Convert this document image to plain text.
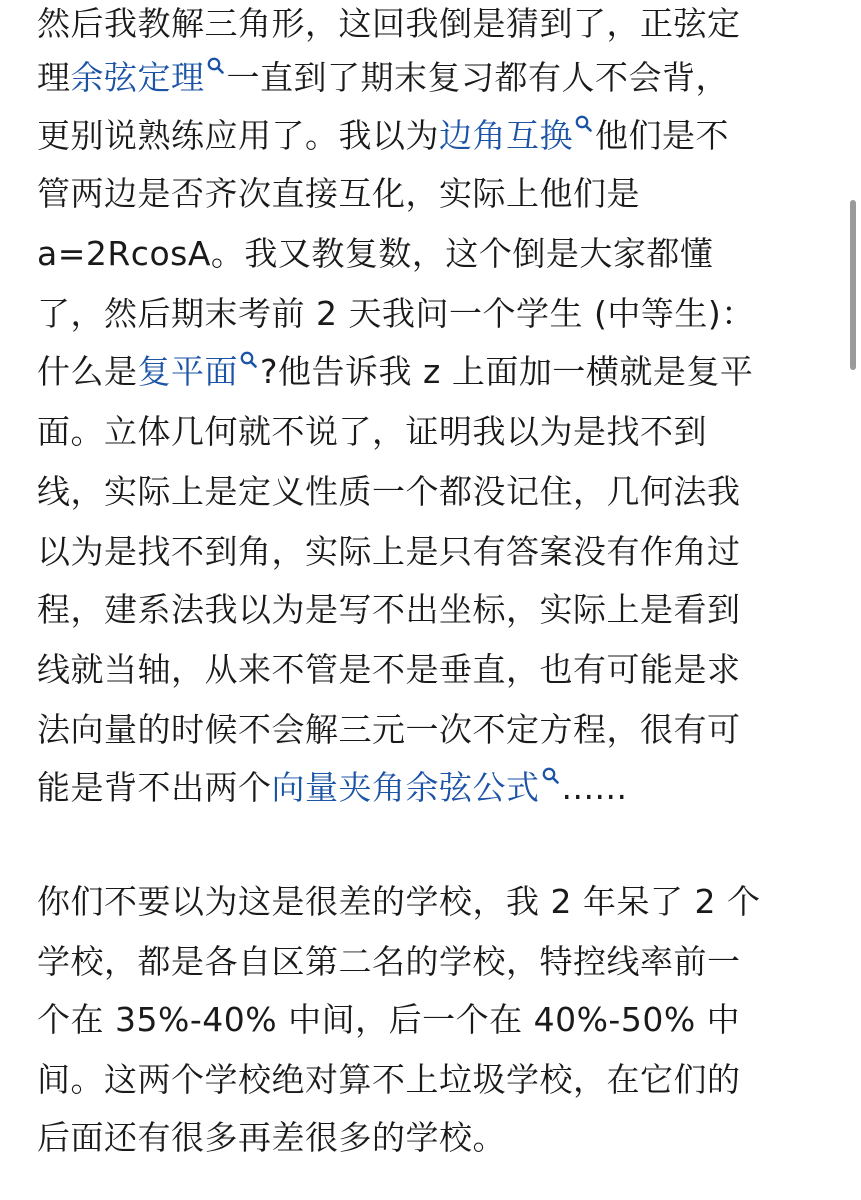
然后我教解三角形，这回我倒是猜到了，正弦定
理余弦定理 一直到了期末复习都有人不会背，
更别说熟练应用了。我以为边角互换 他们是不
管两边是否齐次直接互化，实际上他们是
a=2RcosA。我又教复数，这个倒是大家都懂
了，然后期末考前 2 天我问一个学生 (中等生)：
什么是复平面 ?他告诉我 z 上面加一横就是复平
面。立体几何就不说了，证明我以为是找不到
线，实际上是定义性质一个都没记住，几何法我
以为是找不到角，实际上是只有答案没有作角过
程，建系法我以为是写不出坐标，实际上是看到
线就当轴，从来不管是不是垂直，也有可能是求
法向量的时候不会解三元一次不定方程，很有可
能是背不出两个向量夹角余弦公式 ......
你们不要以为这是很差的学校，我 2 年呆了 2 个
学校，都是各自区第二名的学校，特控线率前一
个在 35%-40% 中间，后一个在 40%-50% 中
间。这两个学校绝对算不上垃圾学校，在它们的
后面还有很多再差很多的学校。
